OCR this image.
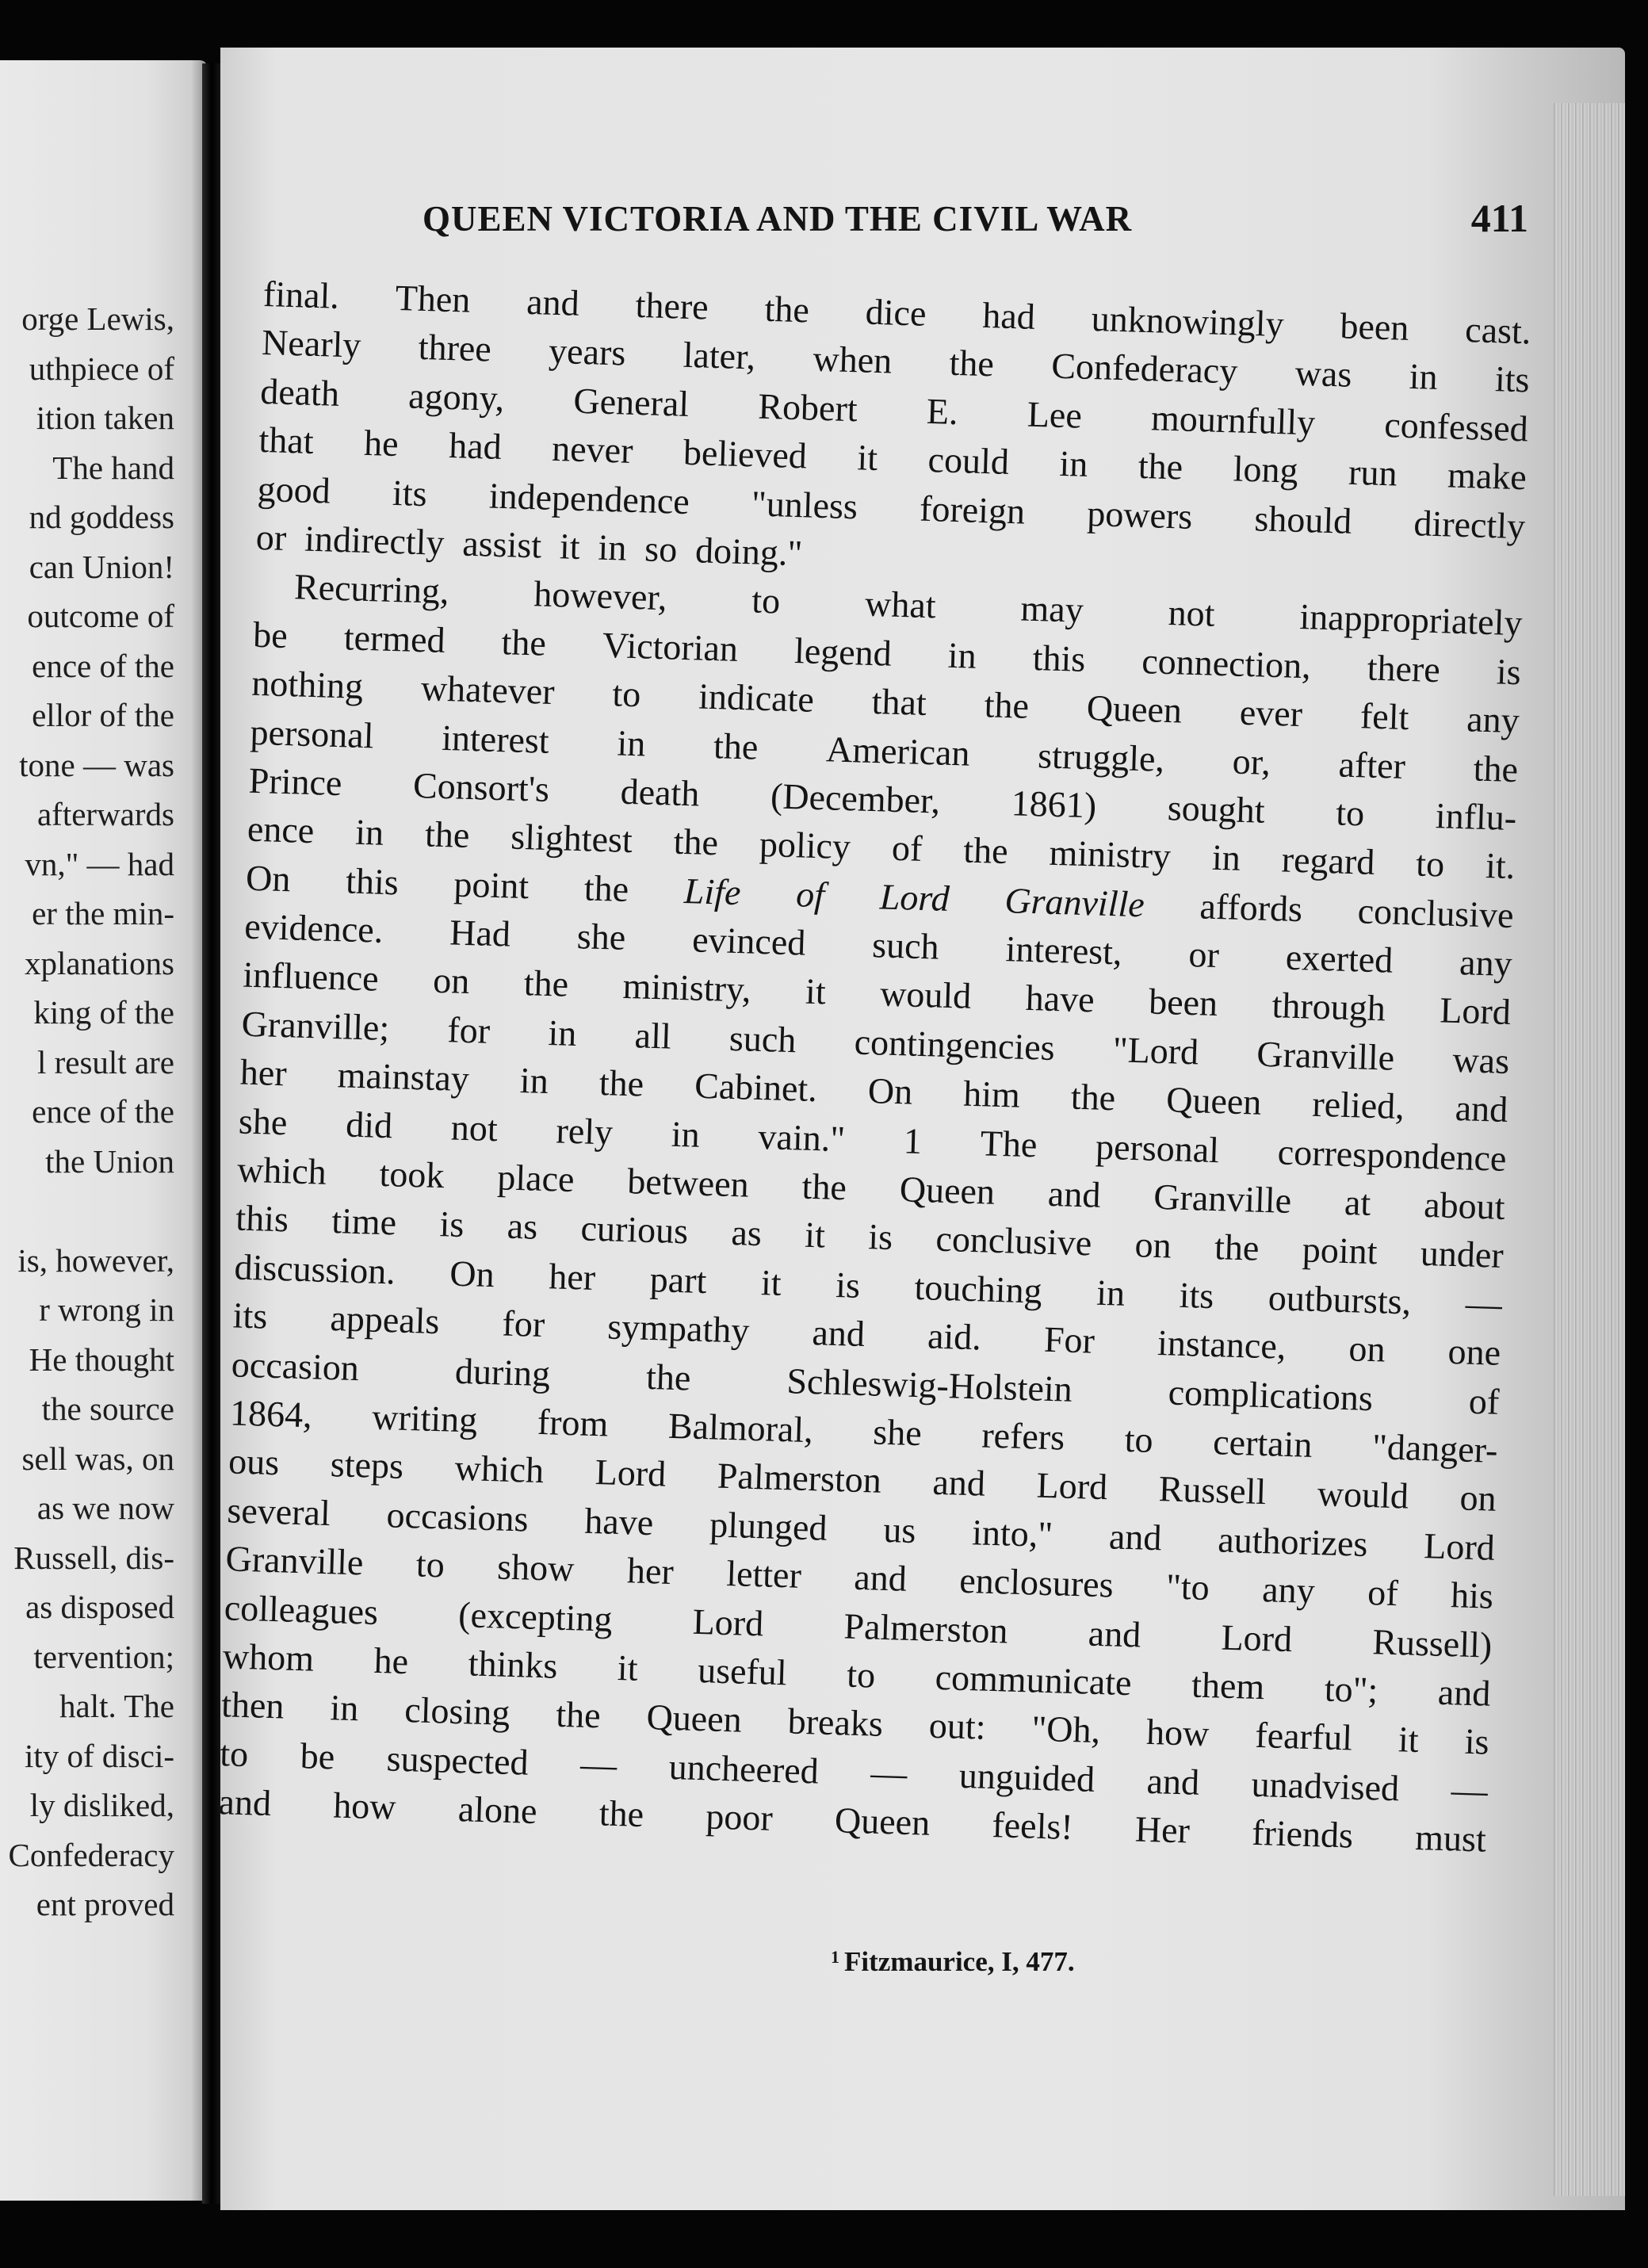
orge Lewis,
uthpiece of
ition taken
The hand
nd goddess
can Union!
outcome of
ence of the
ellor of the
tone — was
afterwards
vn," — had
er the min-
xplanations
king of the
l result are
ence of the
the Union
is, however,
r wrong in
He thought
the source
sell was, on
as we now
Russell, dis-
as disposed
tervention;
halt. The
ity of disci-
ly disliked,
Confederacy
ent proved
QUEEN VICTORIA AND THE CIVIL WAR	411
final. Then and there the dice had unknowingly been cast.
Nearly three years later, when the Confederacy was in its
death agony, General Robert E. Lee mournfully confessed
that he had never believed it could in the long run make
good its independence "unless foreign powers should directly
or indirectly assist it in so doing."
Recurring, however, to what may not inappropriately
be termed the Victorian legend in this connection, there is
nothing whatever to indicate that the Queen ever felt any
personal interest in the American struggle, or, after the
Prince Consort's death (December, 1861) sought to influ-
ence in the slightest the policy of the ministry in regard to it.
On this point the Life of Lord Granville affords conclusive
evidence. Had she evinced such interest, or exerted any
influence on the ministry, it would have been through Lord
Granville; for in all such contingencies "Lord Granville was
her mainstay in the Cabinet. On him the Queen relied, and
she did not rely in vain." 1 The personal correspondence
which took place between the Queen and Granville at about
this time is as curious as it is conclusive on the point under
discussion. On her part it is touching in its outbursts, —
its appeals for sympathy and aid. For instance, on one
occasion	during	the	Schleswig-Holstein	complications	of
1864, writing from Balmoral, she refers to certain "danger-
ous steps which Lord Palmerston and Lord Russell would on
several occasions have plunged us into," and authorizes Lord
Granville to show her letter and enclosures "to any of his
colleagues (excepting Lord Palmerston and Lord Russell)
whom he thinks it useful to communicate them to"; and
then in closing the Queen breaks out: "Oh, how fearful it is
to be suspected — uncheered — unguided and unadvised —
and how alone the poor Queen feels! Her friends must
$^1$ Fitzmaurice, I, 477.
